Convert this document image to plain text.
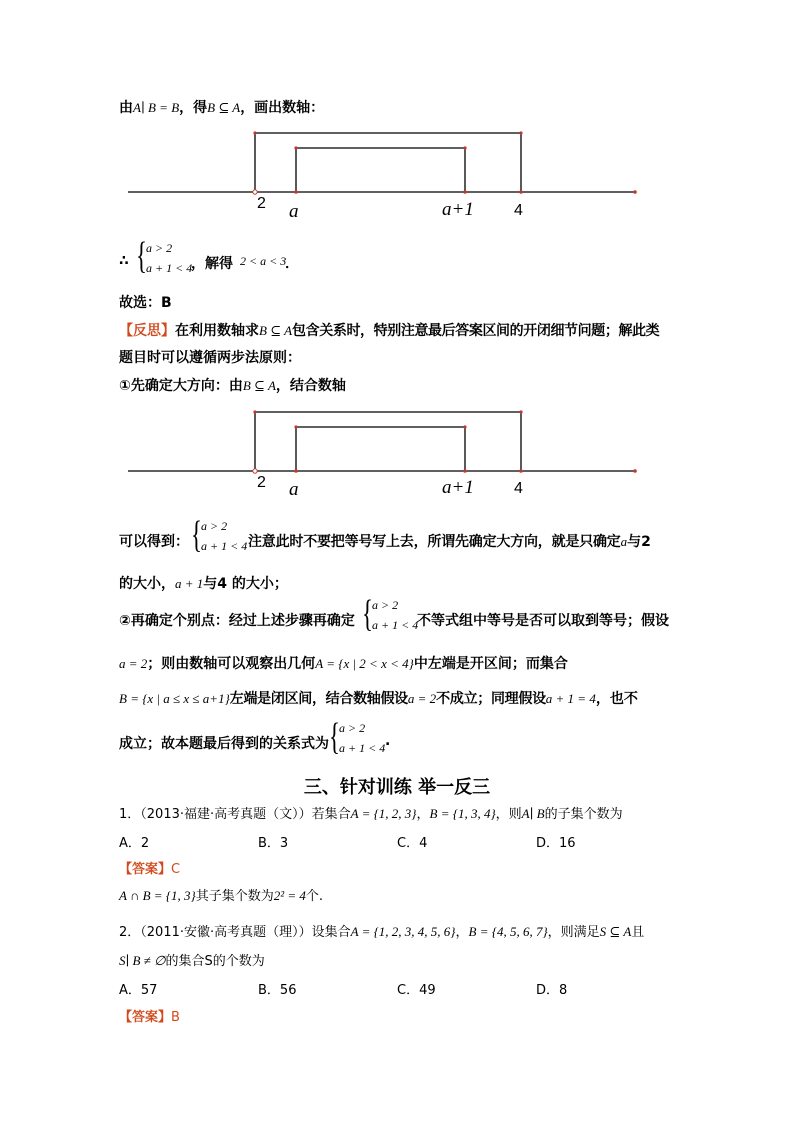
由A∣ B = B，得B ⊆ A，画出数轴：
2 a	a+1	4
∴ { a > 2
a + 1 < 4
，解得 2 < a < 3
．
故选：B
【反思】在利用数轴求B ⊆ A包含关系时，特别注意最后答案区间的开闭细节问题；解此类
题目时可以遵循两步法原则：
①先确定大方向：由B ⊆ A，结合数轴
2 a	a+1	4
可以得到： { a > 2
a + 1 < 4 注意此时不要把等号写上去，所谓先确定大方向，就是只确定a与2
的大小，a + 1与4 的大小；
②再确定个别点：经过上述步骤再确定 { a > 2
a + 1 < 4
不等式组中等号是否可以取到等号；假设
a = 2；则由数轴可以观察出几何A = {x | 2 < x < 4}中左端是开区间；而集合
B = {x | a ≤ x ≤ a+1}左端是闭区间，结合数轴假设a = 2不成立；同理假设a + 1 = 4，也不
成立；故本题最后得到的关系式为 { a > 2
a + 1 < 4 .
三、针对训练 举一反三
1．（2013·福建·高考真题（文））若集合A = {1, 2, 3}，B = {1, 3, 4}，则A∣ B的子集个数为
A．2	B．3	C．4	D．16
【答案】C
A ∩ B = {1, 3}其子集个数为2² = 4个.
2．（2011·安徽·高考真题（理））设集合A = {1, 2, 3, 4, 5, 6}，B = {4, 5, 6, 7}，则满足S ⊆ A且
S∣ B ≠ ∅的集合S的个数为
A．57	B．56	C．49	D．8
【答案】B
